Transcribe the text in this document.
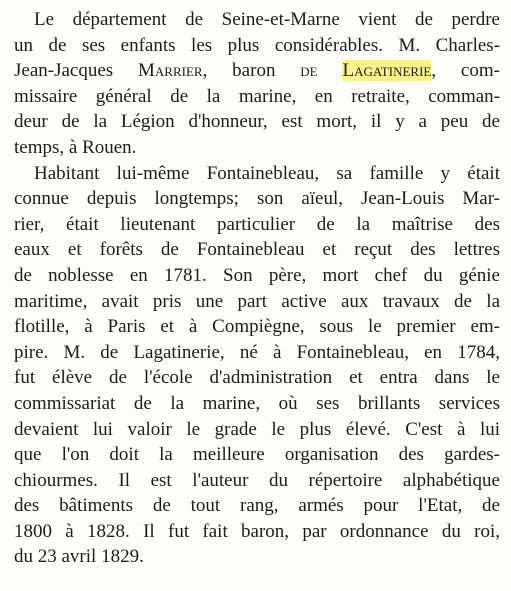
Le département de Seine-et-Marne vient de perdre
un de ses enfants les plus considérables. M. Charles-
Jean-Jacques Marrier, baron de Lagatinerie, com-
missaire général de la marine, en retraite, comman-
deur de la Légion d'honneur, est mort, il y a peu de
temps, à Rouen.

Habitant lui-même Fontainebleau, sa famille y était
connue depuis longtemps; son aïeul, Jean-Louis Mar-
rier, était lieutenant particulier de la maîtrise des
eaux et forêts de Fontainebleau et reçut des lettres
de noblesse en 1781. Son père, mort chef du génie
maritime, avait pris une part active aux travaux de la
flotille, à Paris et à Compiègne, sous le premier em-
pire. M. de Lagatinerie, né à Fontainebleau, en 1784,
fut élève de l'école d'administration et entra dans le
commissariat de la marine, où ses brillants services
devaient lui valoir le grade le plus élevé. C'est à lui
que l'on doit la meilleure organisation des gardes-
chiourmes. Il est l'auteur du répertoire alphabétique
des bâtiments de tout rang, armés pour l'Etat, de
1800 à 1828. Il fut fait baron, par ordonnance du roi,
du 23 avril 1829.
